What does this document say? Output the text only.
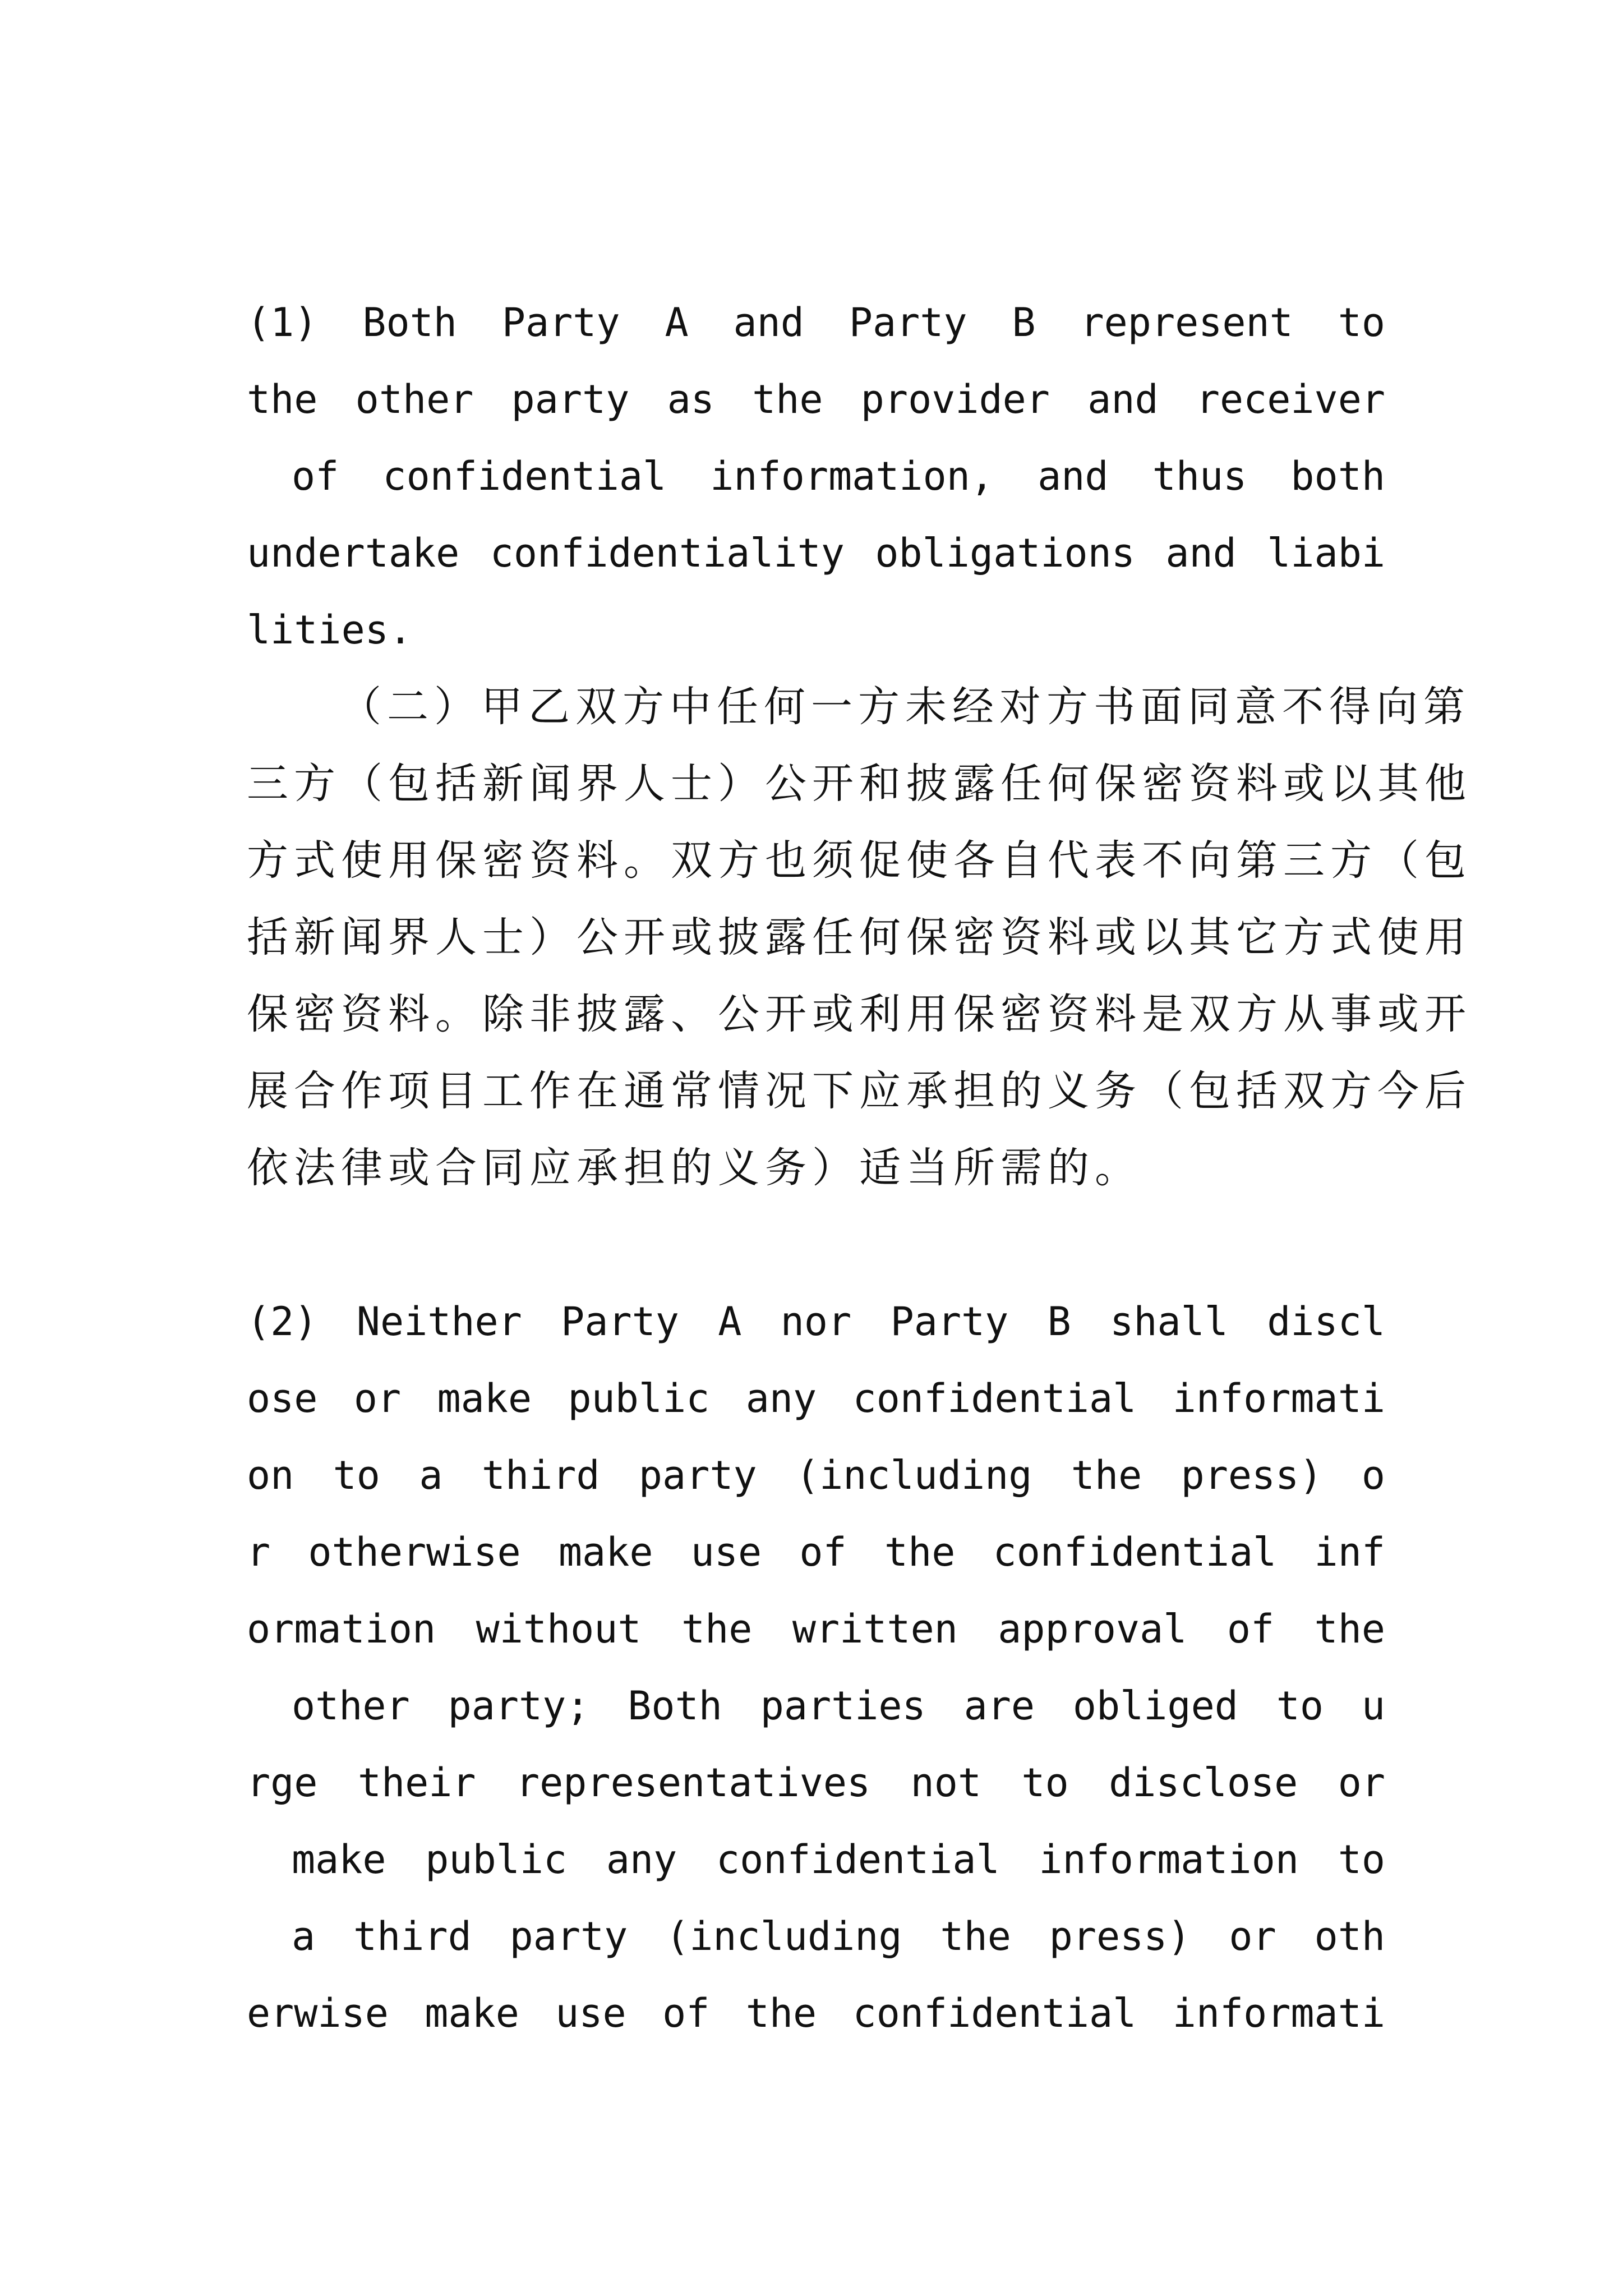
(1) Both Party A and Party B represent to
the other party as the provider and receiver
of confidential information, and thus both
undertake confidentiality obligations and liabi
lities.
（二）甲乙双方中任何一方未经对方书面同意不得向第
三方（包括新闻界人士）公开和披露任何保密资料或以其他
方式使用保密资料。双方也须促使各自代表不向第三方（包
括新闻界人士）公开或披露任何保密资料或以其它方式使用
保密资料。除非披露、公开或利用保密资料是双方从事或开
展合作项目工作在通常情况下应承担的义务（包括双方今后
依法律或合同应承担的义务）适当所需的。
(2) Neither Party A nor Party B shall discl
ose or make public any confidential informati
on to a third party (including the press) o
r otherwise make use of the confidential inf
ormation without the written approval of the
other party; Both parties are obliged to u
rge their representatives not to disclose or
make public any confidential information to
a third party (including the press) or oth
erwise make use of the confidential informati
